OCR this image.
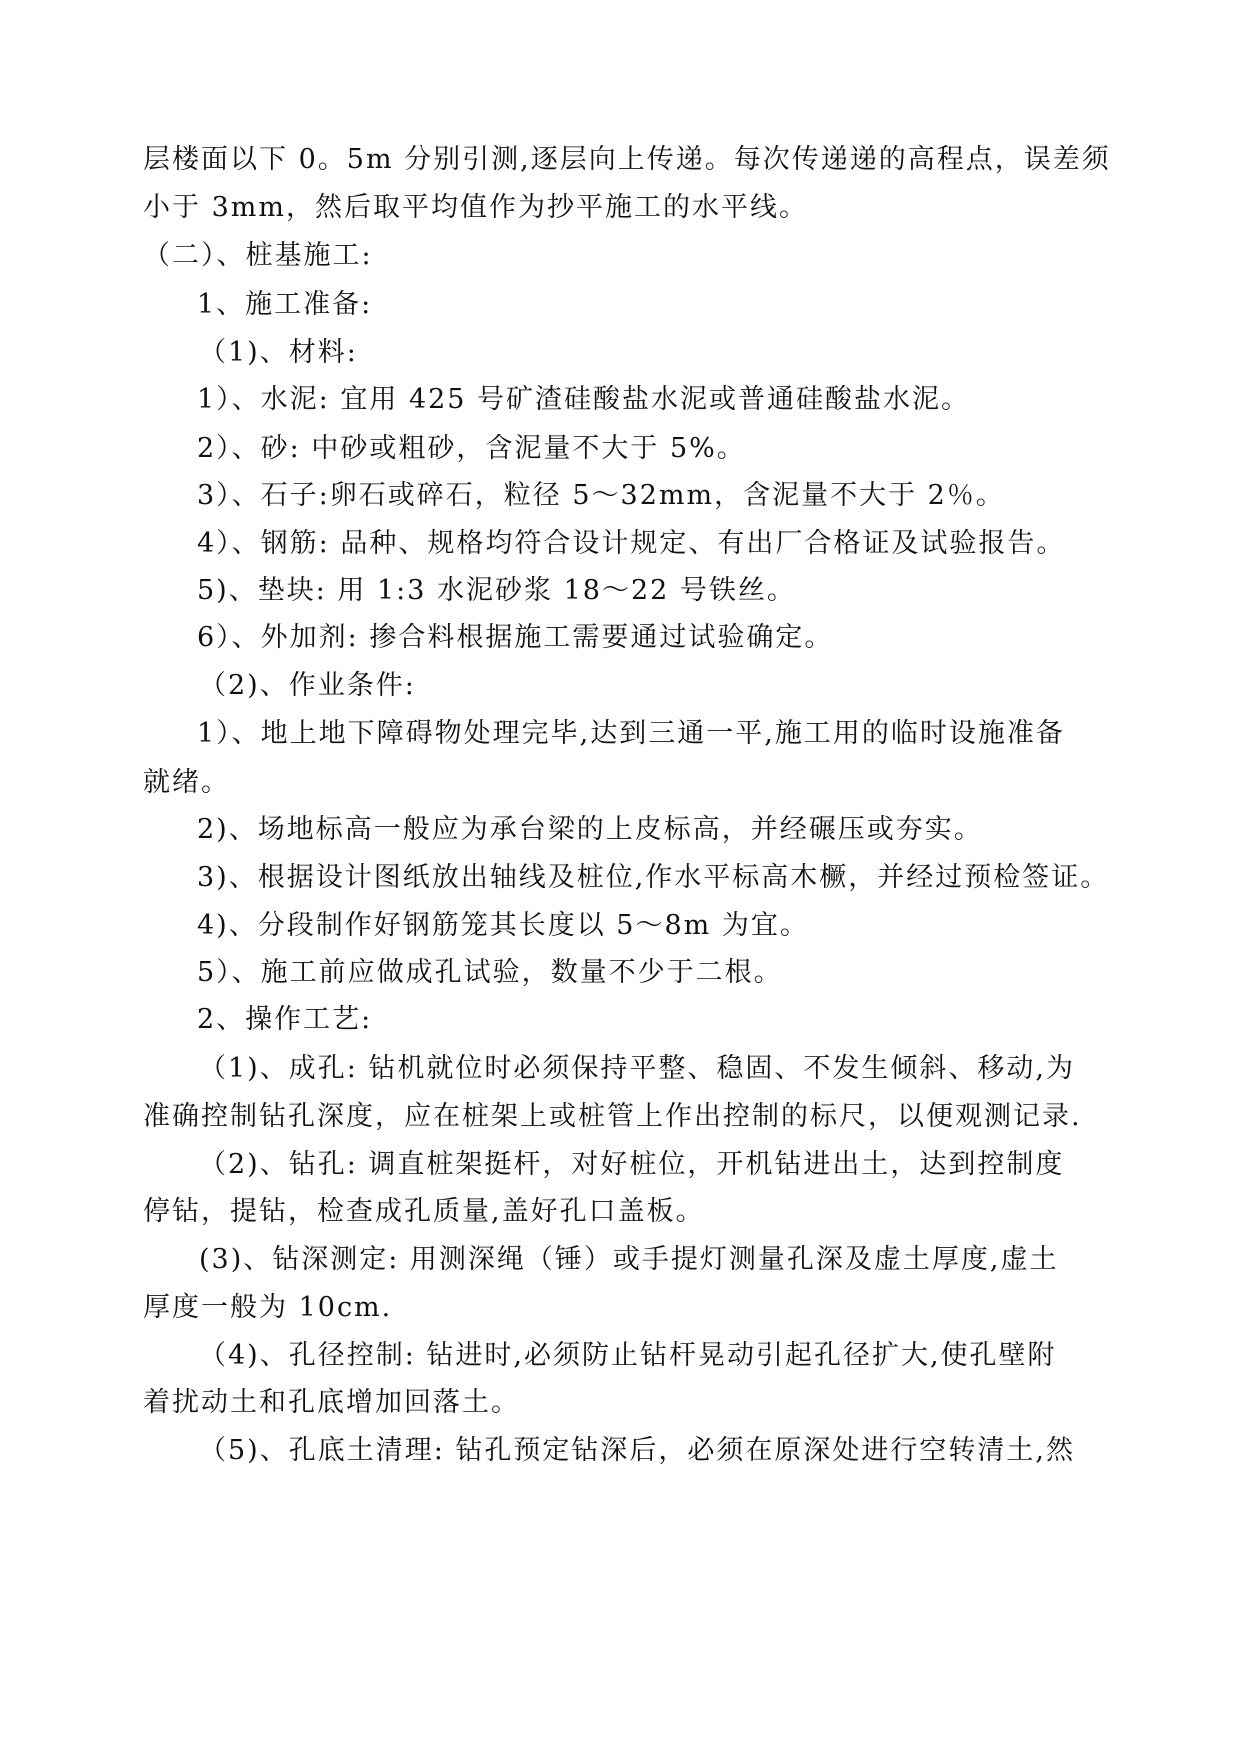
层楼面以下 0。5m 分别引测,逐层向上传递。每次传递递的高程点，误差须
小于 3mm，然后取平均值作为抄平施工的水平线。
（二）、桩基施工:
1、施工准备:
（1)、材料:
1）、水泥: 宜用 425 号矿渣硅酸盐水泥或普通硅酸盐水泥。
2）、砂: 中砂或粗砂，含泥量不大于 5%。
3）、石子:卵石或碎石，粒径 5～32mm，含泥量不大于 2％。
4）、钢筋: 品种、规格均符合设计规定、有出厂合格证及试验报告。
5)、垫块: 用 1:3 水泥砂浆 18～22 号铁丝。
6）、外加剂: 掺合料根据施工需要通过试验确定。
（2)、作业条件:
1）、地上地下障碍物处理完毕,达到三通一平,施工用的临时设施准备
就绪。
2)、场地标高一般应为承台梁的上皮标高，并经碾压或夯实。
3)、根据设计图纸放出轴线及桩位,作水平标高木橛，并经过预检签证。
4)、分段制作好钢筋笼其长度以 5～8m 为宜。
5）、施工前应做成孔试验，数量不少于二根。
2、操作工艺:
（1)、成孔: 钻机就位时必须保持平整、稳固、不发生倾斜、移动,为
准确控制钻孔深度，应在桩架上或桩管上作出控制的标尺，以便观测记录.
（2)、钻孔: 调直桩架挺杆，对好桩位，开机钻进出土，达到控制度
停钻，提钻，检查成孔质量,盖好孔口盖板。
(3)、钻深测定: 用测深绳（锤）或手提灯测量孔深及虚土厚度,虚土
厚度一般为 10cm.
（4)、孔径控制: 钻进时,必须防止钻杆晃动引起孔径扩大,使孔壁附
着扰动土和孔底增加回落土。
（5)、孔底土清理: 钻孔预定钻深后，必须在原深处进行空转清土,然
